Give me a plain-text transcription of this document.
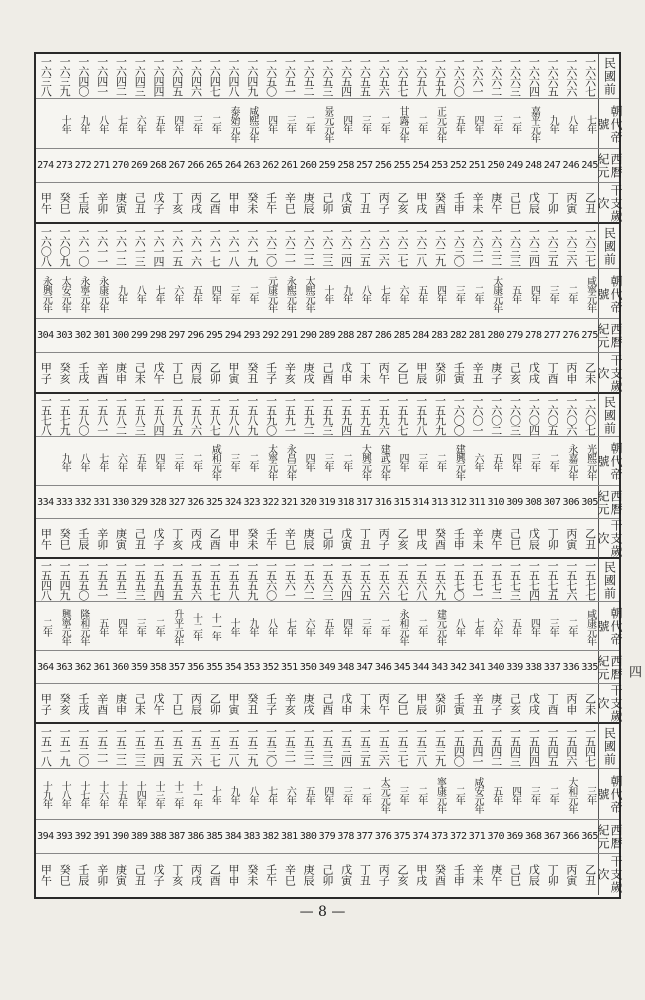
民國前
一六六七
一六六六
一六六五
一六六四
一六六三
一六六二
一六六一
一六六〇
一六五九
一六五八
一六五七
一六五六
一六五五
一六五四
一六五三
一六五二
一六五一
一六五〇
一六四九
一六四八
一六四七
一六四六
一六四五
一六四四
一六四三
一六四二
一六四一
一六四〇
一六三九
一六三八
朝代帝號
七年
八年
九年
嘉平元年
二年
三年
四年
五年
正元元年
二年
甘露元年
二年
三年
四年
景元元年
二年
三年
四年
咸熙元年
泰始元年
二年
三年
四年
五年
六年
七年
八年
九年
十年
西曆紀元
245
246
247
248
249
250
251
252
253
254
255
256
257
258
259
260
261
262
263
264
265
266
267
268
269
270
271
272
273
274
干支歲次
乙丑
丙寅
丁卯
戊辰
己巳
庚午
辛未
壬申
癸酉
甲戌
乙亥
丙子
丁丑
戊寅
己卯
庚辰
辛巳
壬午
癸未
甲申
乙酉
丙戌
丁亥
戊子
己丑
庚寅
辛卯
壬辰
癸巳
甲午
民國前
一六三七
一六三六
一六三五
一六三四
一六三三
一六三二
一六三一
一六三〇
一六二九
一六二八
一六二七
一六二六
一六二五
一六二四
一六二三
一六二二
一六二一
一六二〇
一六一九
一六一八
一六一七
一六一六
一六一五
一六一四
一六一三
一六一二
一六一一
一六一〇
一六〇九
一六〇八
朝代帝號
咸寧元年
二年
三年
四年
五年
太康元年
二年
三年
四年
五年
六年
七年
八年
九年
十年
太熙元年
永熙元年
元康元年
二年
三年
四年
五年
六年
七年
八年
九年
永康元年
永寧元年
太安元年
永興元年
西曆紀元
275
276
277
278
279
280
281
282
283
284
285
286
287
288
289
290
291
292
293
294
295
296
297
298
299
300
301
302
303
304
干支歲次
乙未
丙申
丁酉
戊戌
己亥
庚子
辛丑
壬寅
癸卯
甲辰
乙巳
丙午
丁未
戊申
己酉
庚戌
辛亥
壬子
癸丑
甲寅
乙卯
丙辰
丁巳
戊午
己未
庚申
辛酉
壬戌
癸亥
甲子
民國前
一六〇七
一六〇六
一六〇五
一六〇四
一六〇三
一六〇二
一六〇一
一六〇〇
一五九九
一五九八
一五九七
一五九六
一五九五
一五九四
一五九三
一五九二
一五九一
一五九〇
一五八九
一五八八
一五八七
一五八六
一五八五
一五八四
一五八三
一五八二
一五八一
一五八〇
一五七九
一五七八
朝代帝號
光熙元年
永嘉元年
二年
三年
四年
五年
六年
建興元年
二年
三年
四年
建武元年
大興元年
二年
三年
四年
永昌元年
太寧元年
二年
三年
咸和元年
二年
三年
四年
五年
六年
七年
八年
九年
西曆紀元
305
306
307
308
309
310
311
312
313
314
315
316
317
318
319
320
321
322
323
324
325
326
327
328
329
330
331
332
333
334
干支歲次
乙丑
丙寅
丁卯
戊辰
己巳
庚午
辛未
壬申
癸酉
甲戌
乙亥
丙子
丁丑
戊寅
己卯
庚辰
辛巳
壬午
癸未
甲申
乙酉
丙戌
丁亥
戊子
己丑
庚寅
辛卯
壬辰
癸巳
甲午
民國前
一五七七
一五七六
一五七五
一五七四
一五七三
一五七二
一五七一
一五七〇
一五六九
一五六八
一五六七
一五六六
一五六五
一五六四
一五六三
一五六二
一五六一
一五六〇
一五五九
一五五八
一五五七
一五五六
一五五五
一五五四
一五五三
一五五二
一五五一
一五五〇
一五四九
一五四八
朝代帝號
咸康元年
二年
三年
四年
五年
六年
七年
八年
建元元年
二年
永和元年
二年
三年
四年
五年
六年
七年
八年
九年
十年
十一年
十二年
升平元年
二年
三年
四年
五年
隆和元年
興寧元年
二年
西曆紀元
335
336
337
338
339
340
341
342
343
344
345
346
347
348
349
350
351
352
353
354
355
356
357
358
359
360
361
362
363
364
干支歲次
乙未
丙申
丁酉
戊戌
己亥
庚子
辛丑
壬寅
癸卯
甲辰
乙巳
丙午
丁未
戊申
己酉
庚戌
辛亥
壬子
癸丑
甲寅
乙卯
丙辰
丁巳
戊午
己未
庚申
辛酉
壬戌
癸亥
甲子
民國前
一五四七
一五四六
一五四五
一五四四
一五四三
一五四二
一五四一
一五四〇
一五三九
一五三八
一五三七
一五三六
一五三五
一五三四
一五三三
一五三二
一五三一
一五三〇
一五二九
一五二八
一五二七
一五二六
一五二五
一五二四
一五二三
一五二二
一五二一
一五二〇
一五一九
一五一八
朝代帝號
三年
大和元年
二年
三年
四年
五年
咸安元年
二年
寧康元年
二年
三年
太元元年
二年
三年
四年
五年
六年
七年
八年
九年
十年
十一年
十二年
十三年
十四年
十五年
十六年
十七年
十八年
十九年
西曆紀元
365
366
367
368
369
370
371
372
373
374
375
376
377
378
379
380
381
382
383
384
385
386
387
388
389
390
391
392
393
394
干支歲次
乙丑
丙寅
丁卯
戊辰
己巳
庚午
辛未
壬申
癸酉
甲戌
乙亥
丙子
丁丑
戊寅
己卯
庚辰
辛巳
壬午
癸未
甲申
乙酉
丙戌
丁亥
戊子
己丑
庚寅
辛卯
壬辰
癸巳
甲午
— 8 —
四
